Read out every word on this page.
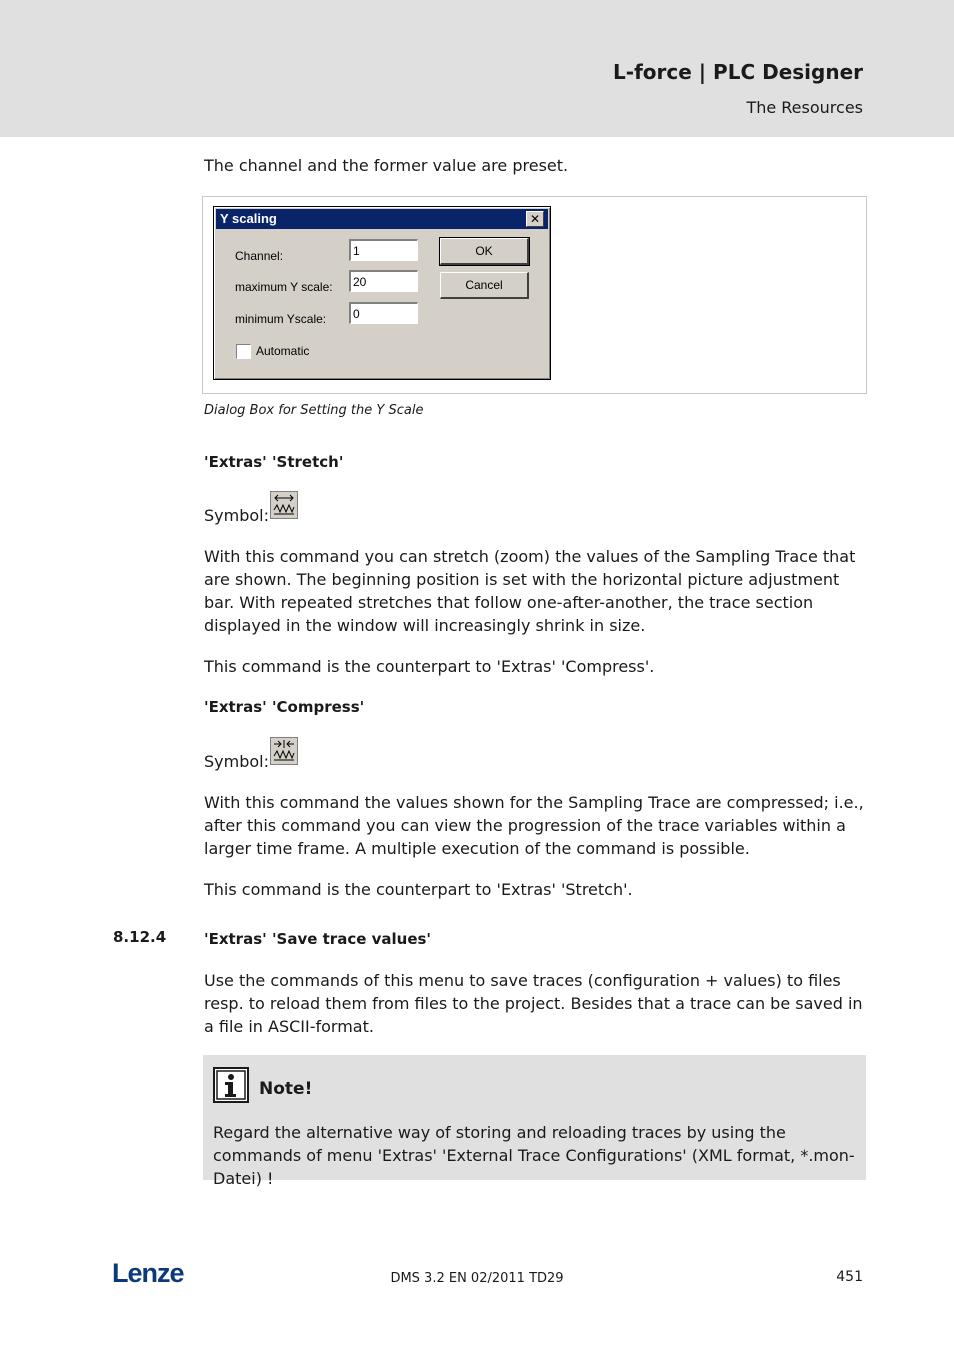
L-force | PLC Designer
The Resources
The channel and the former value are preset.
Y scaling	✕
Channel:	1
maximum Y scale:	20
minimum Yscale:	0
Automatic
OK
Cancel
Dialog Box for Setting the Y Scale
'Extras' 'Stretch'
Symbol:
With this command you can stretch (zoom) the values of the Sampling Trace that are shown. The beginning position is set with the horizontal picture adjustment bar. With repeated stretches that follow one-after-another, the trace section displayed in the window will increasingly shrink in size.
This command is the counterpart to 'Extras' 'Compress'.
'Extras' 'Compress'
Symbol:
With this command the values shown for the Sampling Trace are compressed; i.e., after this command you can view the progression of the trace variables within a larger time frame. A multiple execution of the command is possible.
This command is the counterpart to 'Extras' 'Stretch'.
8.12.4	'Extras' 'Save trace values'
Use the commands of this menu to save traces (configuration + values) to files resp. to reload them from files to the project. Besides that a trace can be saved in a file in ASCII-format.
Note!
Regard the alternative way of storing and reloading traces by using the commands of menu 'Extras' 'External Trace Configurations' (XML format, *.mon-Datei) !
Lenze	DMS 3.2 EN 02/2011 TD29	451
